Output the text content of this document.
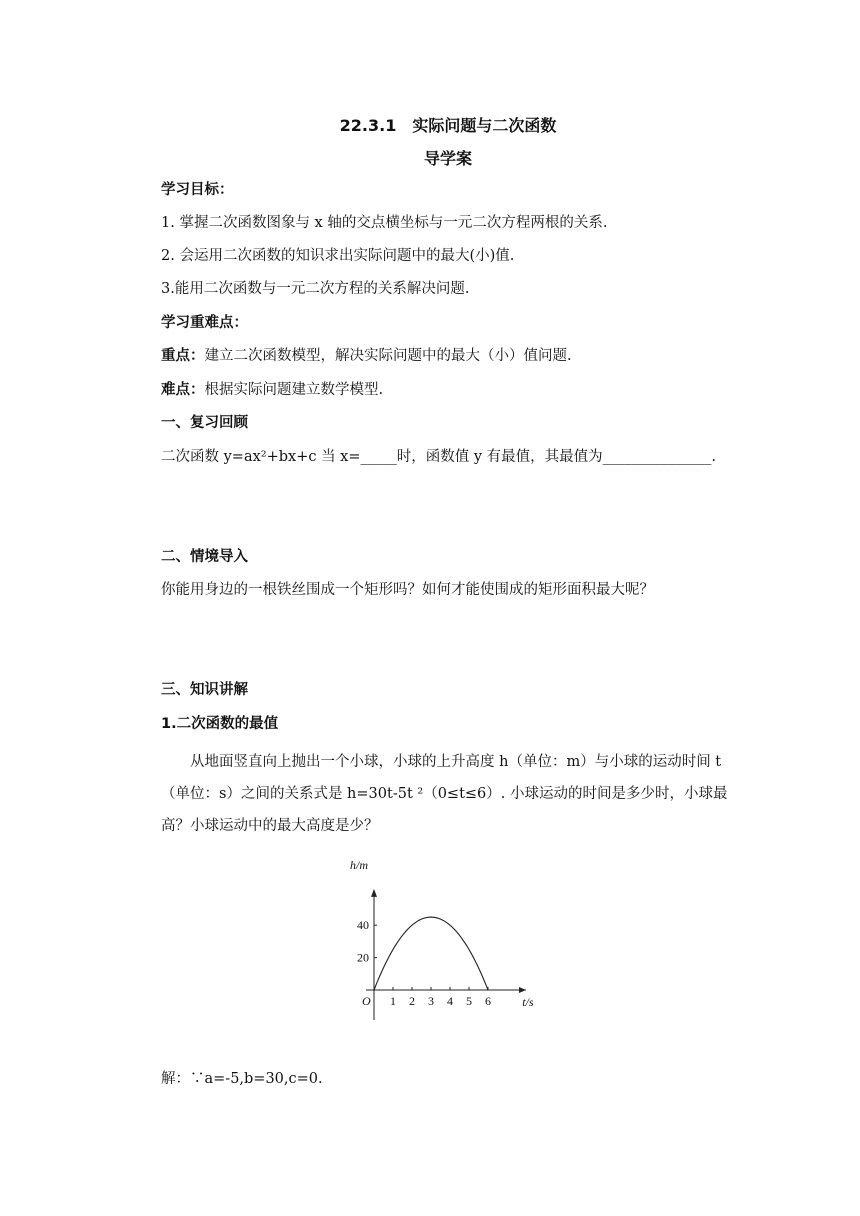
22.3.1　实际问题与二次函数
导学案
学习目标：
1. 掌握二次函数图象与 x 轴的交点横坐标与一元二次方程两根的关系.
2. 会运用二次函数的知识求出实际问题中的最大(小)值.
3.能用二次函数与一元二次方程的关系解决问题.
学习重难点：
重点：建立二次函数模型，解决实际问题中的最大（小）值问题.
难点：根据实际问题建立数学模型.
一、复习回顾
二次函数 y=ax²+bx+c 当 x=_____时，函数值 y 有最值，其最值为_______________.
二、情境导入
你能用身边的一根铁丝围成一个矩形吗？如何才能使围成的矩形面积最大呢？
三、知识讲解
1.二次函数的最值
从地面竖直向上抛出一个小球，小球的上升高度 h（单位：m）与小球的运动时间 t（单位：s）之间的关系式是 h=30t-5t ²（0≤t≤6）. 小球运动的时间是多少时，小球最高？小球运动中的最大高度是少？
1 2 3 4 5 6
20
40
h/m
t/s
O
解：∵a=-5,b=30,c=0.
